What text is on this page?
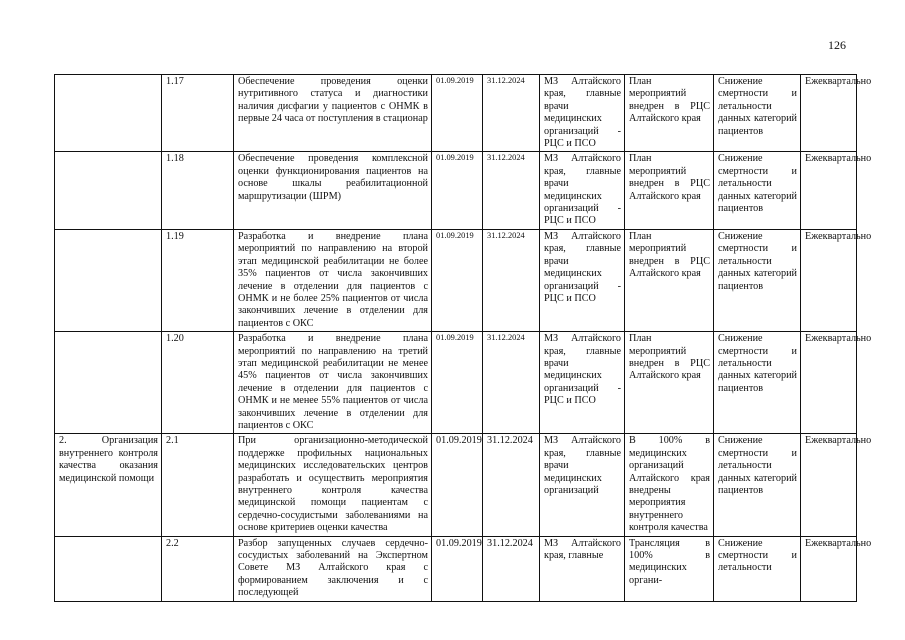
126
	1.17	Обеспечение проведения оценки нутритивного статуса и диагностики наличия дисфагии у пациентов с ОНМК в первые 24 часа от поступления в стационар	01.09.2019	31.12.2024	МЗ Алтайского края, главные врачи медицинских организаций - РЦС и ПСО	План мероприятий внедрен в РЦС Алтайского края	Снижение смертности и летальности данных категорий пациентов	Ежеквартально
	1.18	Обеспечение проведения комплексной оценки функционирования пациентов на основе шкалы реабилитационной маршрутизации (ШРМ)	01.09.2019	31.12.2024	МЗ Алтайского края, главные врачи медицинских организаций - РЦС и ПСО	План мероприятий внедрен в РЦС Алтайского края	Снижение смертности и летальности данных категорий пациентов	Ежеквартально
	1.19	Разработка и внедрение плана мероприятий по направлению на второй этап медицинской реабилитации не более 35% пациентов от числа закончивших лечение в отделении для пациентов с ОНМК и не более 25% пациентов от числа закончивших лечение в отделении для пациентов с ОКС	01.09.2019	31.12.2024	МЗ Алтайского края, главные врачи медицинских организаций - РЦС и ПСО	План мероприятий внедрен в РЦС Алтайского края	Снижение смертности и летальности данных категорий пациентов	Ежеквартально
	1.20	Разработка и внедрение плана мероприятий по направлению на третий этап медицинской реабилитации не менее 45% пациентов от числа закончивших лечение в отделении для пациентов с ОНМК и не менее 55% пациентов от числа закончивших лечение в отделении для пациентов с ОКС	01.09.2019	31.12.2024	МЗ Алтайского края, главные врачи медицинских организаций - РЦС и ПСО	План мероприятий внедрен в РЦС Алтайского края	Снижение смертности и летальности данных категорий пациентов	Ежеквартально
2. Организация внутреннего контроля качества оказания медицинской помощи	2.1	При организационно-методической поддержке профильных национальных медицинских исследовательских центров разработать и осуществить мероприятия внутреннего контроля качества медицинской помощи пациентам с сердечно-сосудистыми заболеваниями на основе критериев оценки качества	01.09.2019	31.12.2024	МЗ Алтайского края, главные врачи медицинских организаций	В 100% в медицинских организаций Алтайского края внедрены мероприятия внутреннего контроля качества	Снижение смертности и летальности данных категорий пациентов	Ежеквартально
	2.2	Разбор запущенных случаев сердечно-сосудистых заболеваний на Экспертном Совете МЗ Алтайского края с формированием заключения и с последующей	01.09.2019	31.12.2024	МЗ Алтайского края, главные	Трансляция в 100% в медицинских органи-	Снижение смертности и летальности	Ежеквартально
